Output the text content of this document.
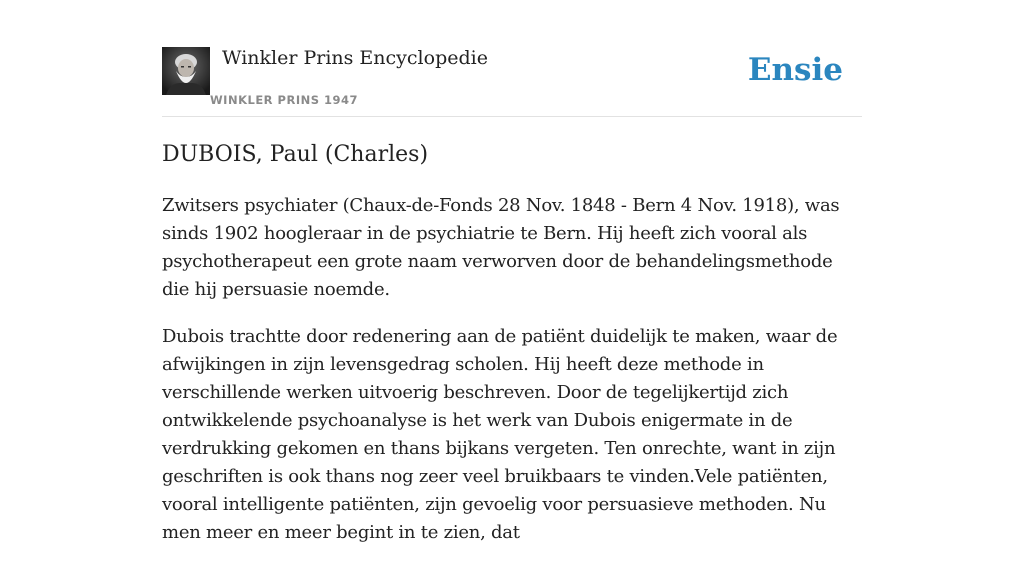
Winkler Prins Encyclopedie
WINKLER PRINS 1947
Ensie
DUBOIS, Paul (Charles)

Zwitsers psychiater (Chaux-de-Fonds 28 Nov. 1848 - Bern 4 Nov. 1918), was sinds 1902 hoogleraar in de psychiatrie te Bern. Hij heeft zich vooral als psychotherapeut een grote naam verworven door de behandelingsmethode die hij persuasie noemde.

Dubois trachtte door redenering aan de patiënt duidelijk te maken, waar de afwijkingen in zijn levensgedrag scholen. Hij heeft deze methode in verschillende werken uitvoerig beschreven. Door de tegelijkertijd zich ontwikkelende psychoanalyse is het werk van Dubois enigermate in de verdrukking gekomen en thans bijkans vergeten. Ten onrechte, want in zijn geschriften is ook thans nog zeer veel bruikbaars te vinden.Vele patiënten, vooral intelligente patiënten, zijn gevoelig voor persuasieve methoden. Nu men meer en meer begint in te zien, dat
